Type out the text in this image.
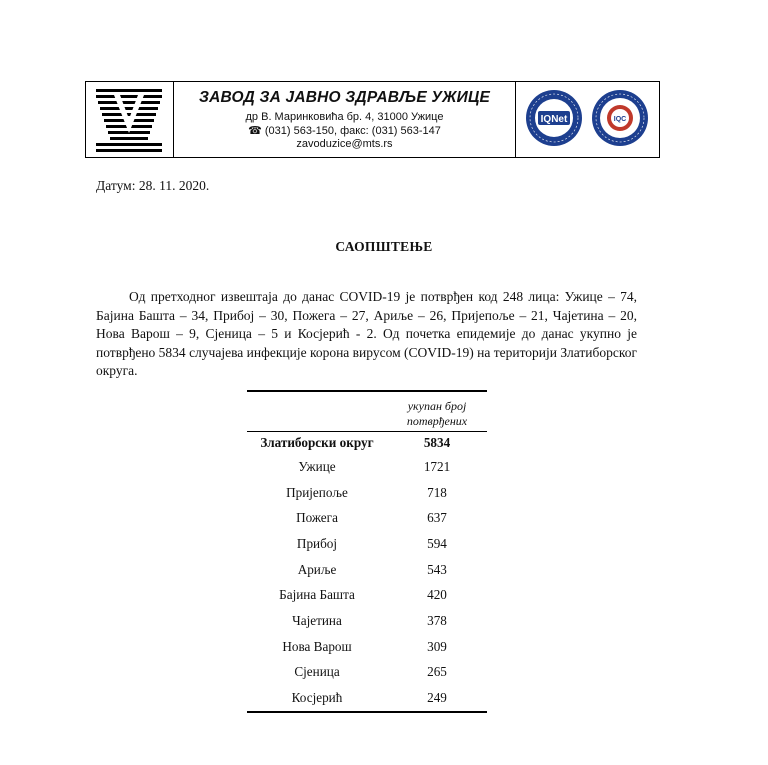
ЗАВОД ЗА ЈАВНО ЗДРАВЉЕ УЖИЦЕ
др В. Маринковића бр. 4, 31000 Ужице
☎ (031) 563-150, факс: (031) 563-147
zavoduzice@mts.rs
IQNet	IQC
Датум: 28. 11. 2020.
САОПШТЕЊЕ
Од претходног извештаја до данас COVID-19 је потврђен код 248 лица: Ужице – 74, Бајина Башта – 34, Прибој – 30, Пожега – 27, Ариље – 26, Пријепоље – 21, Чајетина – 20, Нова Варош – 9, Сјеница – 5 и Косјерић - 2. Од почетка епидемије до данас укупно је потврђено 5834 случајева инфекције корона вирусом (COVID-19) на територији Златиборског округа.
	укупан број потврђених
Златиборски округ	5834
Ужице	1721
Пријепоље	718
Пожега	637
Прибој	594
Ариље	543
Бајина Башта	420
Чајетина	378
Нова Варош	309
Сјеница	265
Косјерић	249
